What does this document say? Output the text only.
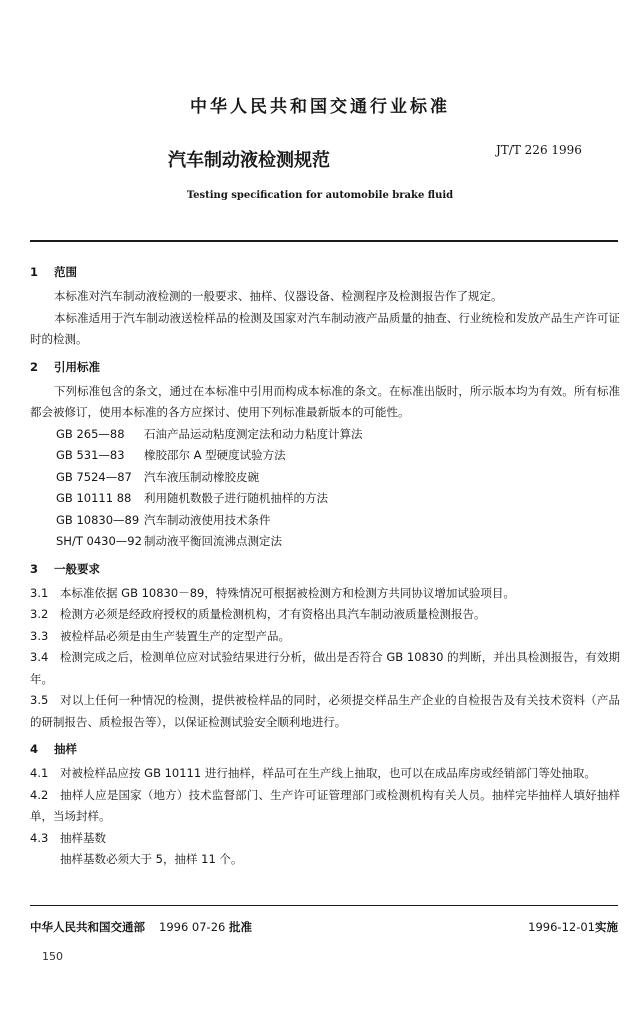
中华人民共和国交通行业标准
汽车制动液检测规范	JT/T 226 1996
Testing specification for automobile brake fluid
1 范围

本标准对汽车制动液检测的一般要求、抽样、仪器设备、检测程序及检测报告作了规定。

本标准适用于汽车制动液送检样品的检测及国家对汽车制动液产品质量的抽查、行业统检和发放产品生产许可证时的检测。

2 引用标准

下列标准包含的条文，通过在本标准中引用而构成本标准的条文。在标准出版时，所示版本均为有效。所有标准都会被修订，使用本标准的各方应探讨、使用下列标准最新版本的可能性。

GB 265—88 石油产品运动粘度测定法和动力粘度计算法
GB 531—83 橡胶邵尔 A 型硬度试验方法
GB 7524—87 汽车液压制动橡胶皮碗
GB 10111 88 利用随机数骰子进行随机抽样的方法
GB 10830—89 汽车制动液使用技术条件
SH/T 0430—92 制动液平衡回流沸点测定法
3 一般要求

3.1 本标准依据 GB 10830－89，特殊情况可根据被检测方和检测方共同协议增加试验项目。

3.2 检测方必须是经政府授权的质量检测机构，才有资格出具汽车制动液质量检测报告。

3.3 被检样品必须是由生产装置生产的定型产品。

3.4 检测完成之后，检测单位应对试验结果进行分析，做出是否符合 GB 10830 的判断，并出具检测报告，有效期 年。

3.5 对以上任何一种情况的检测，提供被检样品的同时，必须提交样品生产企业的自检报告及有关技术资料（产品的研制报告、质检报告等），以保证检测试验安全顺利地进行。

4 抽样

4.1 对被检样品应按 GB 10111 进行抽样，样品可在生产线上抽取，也可以在成品库房或经销部门等处抽取。

4.2 抽样人应是国家（地方）技术监督部门、生产许可证管理部门或检测机构有关人员。抽样完毕抽样人填好抽样单，当场封样。

4.3 抽样基数

抽样基数必须大于 5，抽样 11 个。

中华人民共和国交通部 1996 07-26 批准	1996-12-01实施
150
